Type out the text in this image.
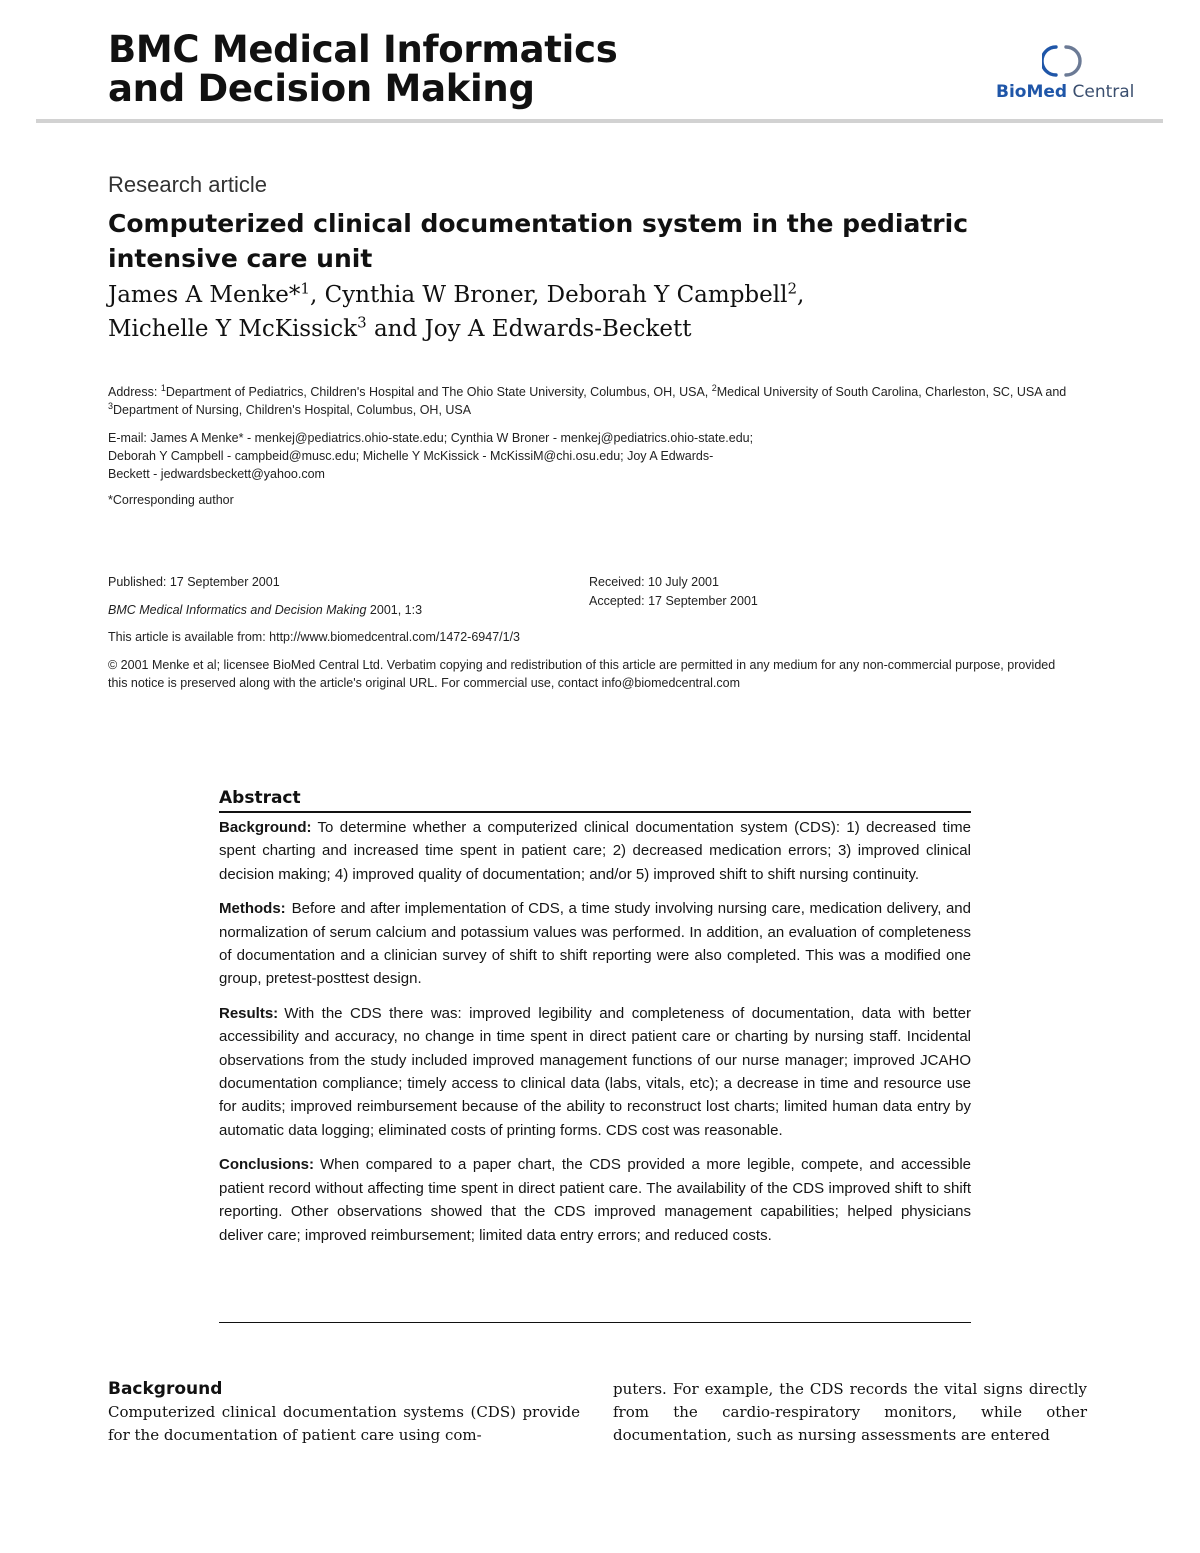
BMC Medical Informatics
and Decision Making	BioMed Central
Research article
Computerized clinical documentation system in the pediatric intensive care unit
James A Menke*$^1$, Cynthia W Broner, Deborah Y Campbell$^2$,
Michelle Y McKissick$^3$ and Joy A Edwards-Beckett
Address: $^1$Department of Pediatrics, Children's Hospital and The Ohio State University, Columbus, OH, USA, $^2$Medical University of South Carolina, Charleston, SC, USA and $^3$Department of Nursing, Children's Hospital, Columbus, OH, USA
E-mail: James A Menke* - menkej@pediatrics.ohio-state.edu; Cynthia W Broner - menkej@pediatrics.ohio-state.edu;
Deborah Y Campbell - campbeid@musc.edu; Michelle Y McKissick - McKissiM@chi.osu.edu; Joy A Edwards-
Beckett - jedwardsbeckett@yahoo.com
*Corresponding author
Published: 17 September 2001
BMC Medical Informatics and Decision Making 2001, 1:3
Received: 10 July 2001
Accepted: 17 September 2001
This article is available from: http://www.biomedcentral.com/1472-6947/1/3
© 2001 Menke et al; licensee BioMed Central Ltd. Verbatim copying and redistribution of this article are permitted in any medium for any non-commercial purpose, provided this notice is preserved along with the article's original URL. For commercial use, contact info@biomedcentral.com
Abstract

Background: To determine whether a computerized clinical documentation system (CDS): 1) decreased time spent charting and increased time spent in patient care; 2) decreased medication errors; 3) improved clinical decision making; 4) improved quality of documentation; and/or 5) improved shift to shift nursing continuity.

Methods: Before and after implementation of CDS, a time study involving nursing care, medication delivery, and normalization of serum calcium and potassium values was performed. In addition, an evaluation of completeness of documentation and a clinician survey of shift to shift reporting were also completed. This was a modified one group, pretest-posttest design.

Results: With the CDS there was: improved legibility and completeness of documentation, data with better accessibility and accuracy, no change in time spent in direct patient care or charting by nursing staff. Incidental observations from the study included improved management functions of our nurse manager; improved JCAHO documentation compliance; timely access to clinical data (labs, vitals, etc); a decrease in time and resource use for audits; improved reimbursement because of the ability to reconstruct lost charts; limited human data entry by automatic data logging; eliminated costs of printing forms. CDS cost was reasonable.

Conclusions: When compared to a paper chart, the CDS provided a more legible, compete, and accessible patient record without affecting time spent in direct patient care. The availability of the CDS improved shift to shift reporting. Other observations showed that the CDS improved management capabilities; helped physicians deliver care; improved reimbursement; limited data entry errors; and reduced costs.

Background
Computerized clinical documentation systems (CDS) provide for the documentation of patient care using com-
puters. For example, the CDS records the vital signs directly from the cardio-respiratory monitors, while other documentation, such as nursing assessments are entered
